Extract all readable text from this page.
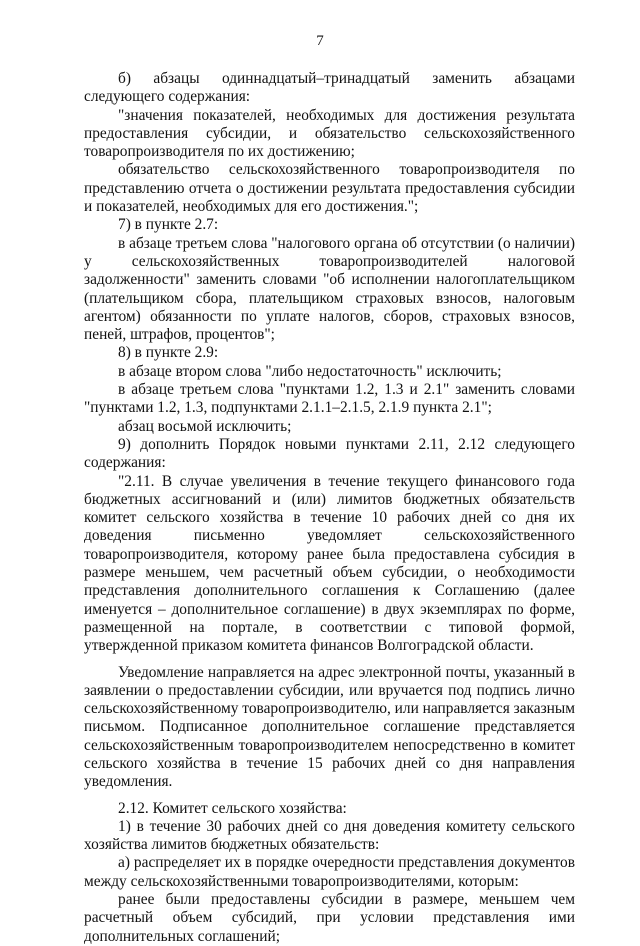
7

б) абзацы одиннадцатый–тринадцатый заменить абзацами следующего содержания:

"значения показателей, необходимых для достижения результата предоставления субсидии, и обязательство сельскохозяйственного товаропроизводителя по их достижению;

обязательство сельскохозяйственного товаропроизводителя по представлению отчета о достижении результата предоставления субсидии и показателей, необходимых для его достижения.";

7) в пункте 2.7:

в абзаце третьем слова "налогового органа об отсутствии (о наличии) у сельскохозяйственных товаропроизводителей налоговой задолженности" заменить словами "об исполнении налогоплательщиком (плательщиком сбора, плательщиком страховых взносов, налоговым агентом) обязанности по уплате налогов, сборов, страховых взносов, пеней, штрафов, процентов";

8) в пункте 2.9:

в абзаце втором слова "либо недостаточность" исключить;

в абзаце третьем слова "пунктами 1.2, 1.3 и 2.1" заменить словами "пунктами 1.2, 1.3, подпунктами 2.1.1–2.1.5, 2.1.9 пункта 2.1";

абзац восьмой исключить;

9) дополнить Порядок новыми пунктами 2.11, 2.12 следующего содержания:

"2.11. В случае увеличения в течение текущего финансового года бюджетных ассигнований и (или) лимитов бюджетных обязательств комитет сельского хозяйства в течение 10 рабочих дней со дня их доведения письменно уведомляет сельскохозяйственного товаропроизводителя, которому ранее была предоставлена субсидия в размере меньшем, чем расчетный объем субсидии, о необходимости представления дополнительного соглашения к Соглашению (далее именуется – дополнительное соглашение) в двух экземплярах по форме, размещенной на портале, в соответствии с типовой формой, утвержденной приказом комитета финансов Волгоградской области.

Уведомление направляется на адрес электронной почты, указанный в заявлении о предоставлении субсидии, или вручается под подпись лично сельскохозяйственному товаропроизводителю, или направляется заказным письмом. Подписанное дополнительное соглашение представляется сельскохозяйственным товаропроизводителем непосредственно в комитет сельского хозяйства в течение 15 рабочих дней со дня направления уведомления.

2.12. Комитет сельского хозяйства:

1) в течение 30 рабочих дней со дня доведения комитету сельского хозяйства лимитов бюджетных обязательств:

а) распределяет их в порядке очередности представления документов между сельскохозяйственными товаропроизводителями, которым:

ранее были предоставлены субсидии в размере, меньшем чем расчетный объем субсидий, при условии представления ими дополнительных соглашений;
